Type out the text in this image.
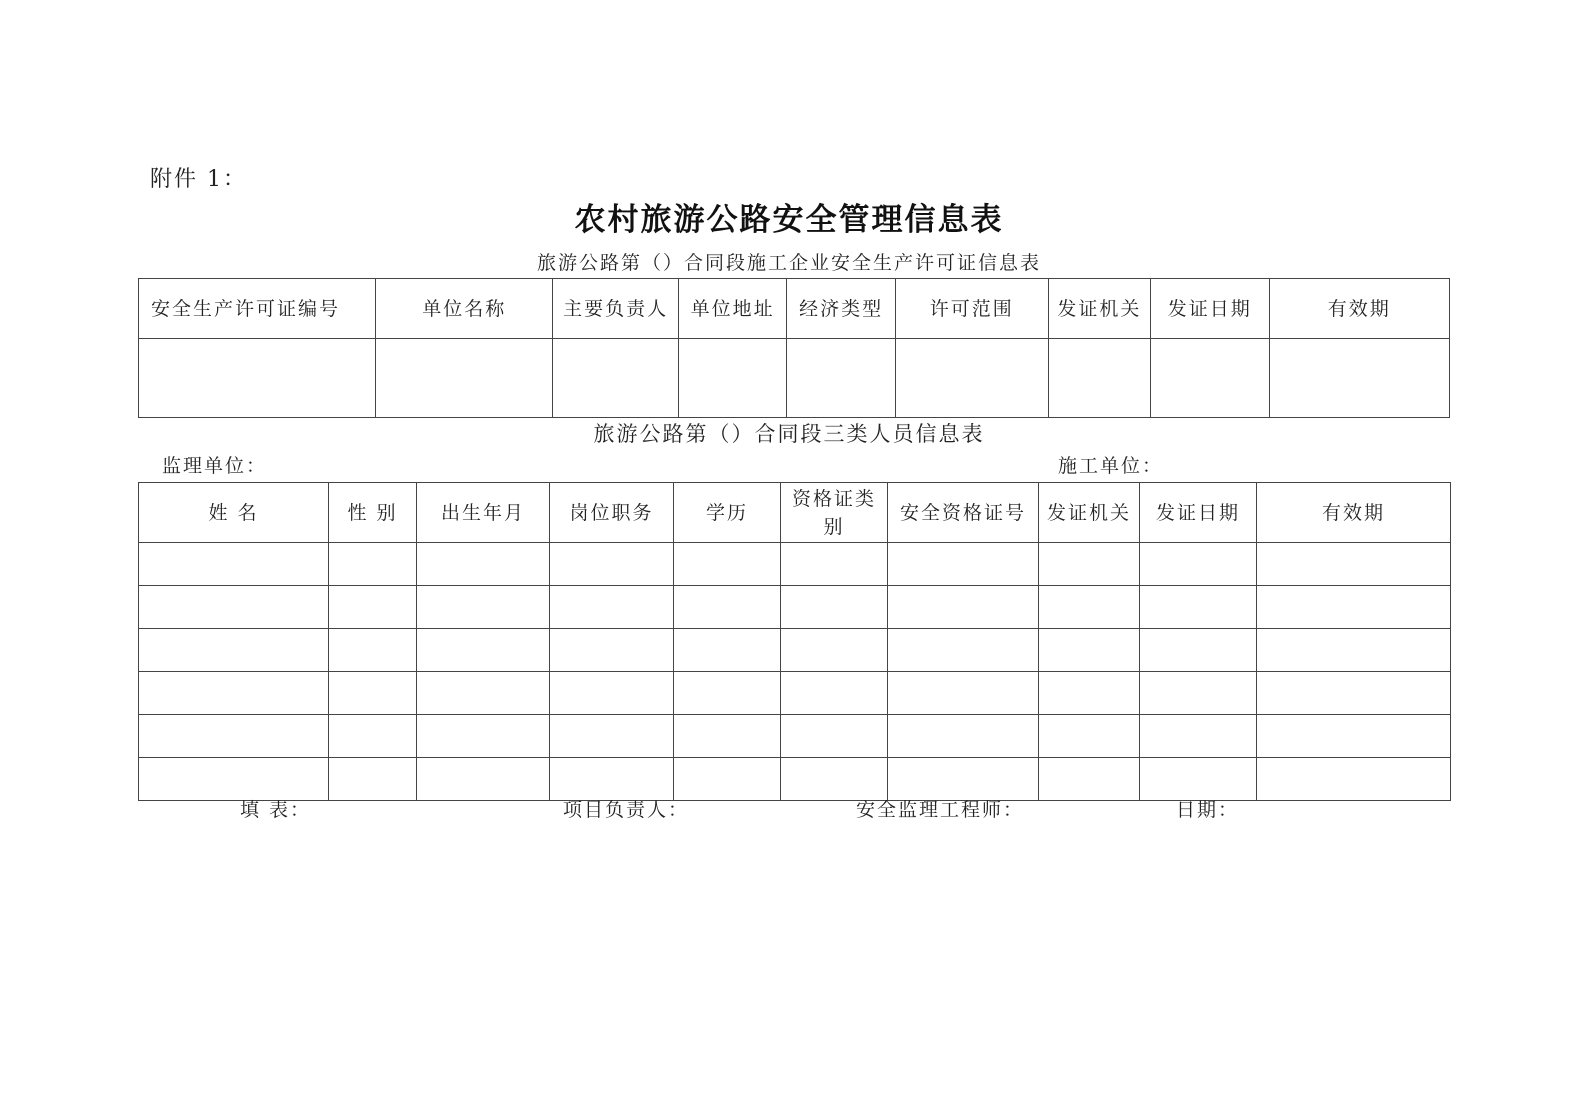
附件 1：
农村旅游公路安全管理信息表
旅游公路第（）合同段施工企业安全生产许可证信息表
安全生产许可证编号	单位名称	主要负责人	单位地址	经济类型	许可范围	发证机关	发证日期	有效期

旅游公路第（）合同段三类人员信息表
监理单位：	施工单位：
姓 名	性 别	出生年月	岗位职务	学历	资格证类别	安全资格证号	发证机关	发证日期	有效期

填 表：	项目负责人：	安全监理工程师：	日期：
